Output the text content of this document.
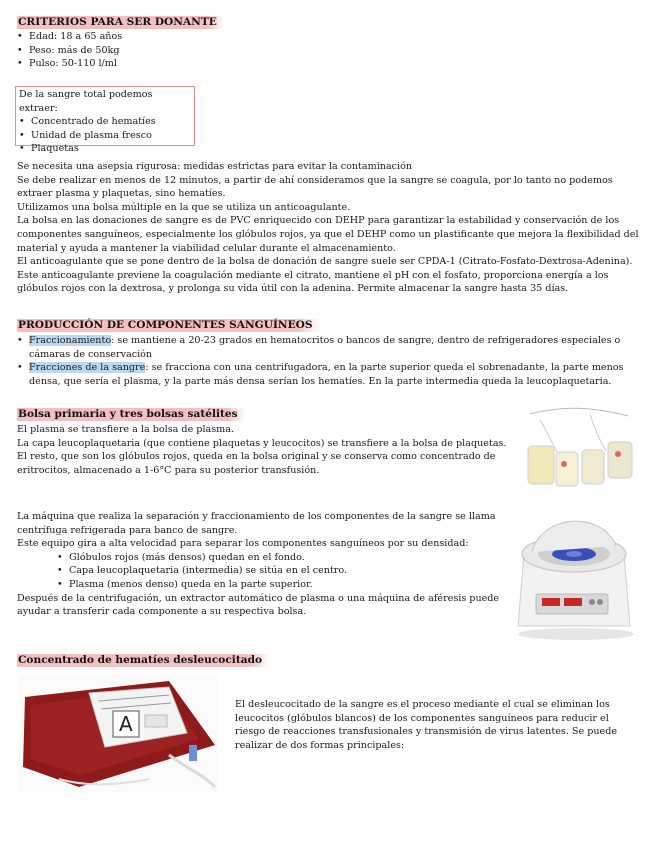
CRITERIOS PARA SER DONANTE
• Edad: 18 a 65 años
• Peso: más de 50kg
• Pulso: 50-110 l/ml
De la sangre total podemos extraer:
• Concentrado de hematíes
• Unidad de plasma fresco
• Plaquetas
Se necesita una asepsia rigurosa: medidas estrictas para evitar la contaminación
Se debe realizar en menos de 12 minutos, a partir de ahí consideramos que la sangre se coagula, por lo tanto no podemos
extraer plasma y plaquetas, sino hematíes.
Utilizamos una bolsa múltiple en la que se utiliza un anticoagulante.
La bolsa en las donaciones de sangre es de PVC enriquecido con DEHP para garantizar la estabilidad y conservación de los
componentes sanguíneos, especialmente los glóbulos rojos, ya que el DEHP como un plastificante que mejora la flexibilidad del
material y ayuda a mantener la viabilidad celular durante el almacenamiento.
El anticoagulante que se pone dentro de la bolsa de donación de sangre suele ser CPDA-1 (Citrato-Fosfato-Dextrosa-Adenina).
Este anticoagulante previene la coagulación mediante el citrato, mantiene el pH con el fosfato, proporciona energía a los
glóbulos rojos con la dextrosa, y prolonga su vida útil con la adenina. Permite almacenar la sangre hasta 35 días.
PRODUCCIÓN DE COMPONENTES SANGUÍNEOS
• Fraccionamiento: se mantiene a 20-23 grados en hematocritos o bancos de sangre, dentro de refrigeradores especiales o
cámaras de conservación
• Fracciones de la sangre: se fracciona con una centrifugadora, en la parte superior queda el sobrenadante, la parte menos
densa, que sería el plasma, y la parte más densa serían los hematíes. En la parte intermedia queda la leucoplaquetaria.
Bolsa primaria y tres bolsas satélites
El plasma se transfiere a la bolsa de plasma.
La capa leucoplaquetaria (que contiene plaquetas y leucocitos) se transfiere a la bolsa de plaquetas.
El resto, que son los glóbulos rojos, queda en la bolsa original y se conserva como concentrado de
eritrocitos, almacenado a 1-6°C para su posterior transfusión.
La máquina que realiza la separación y fraccionamiento de los componentes de la sangre se llama
centrífuga refrigerada para banco de sangre.
Este equipo gira a alta velocidad para separar los componentes sanguíneos por su densidad:
• Glóbulos rojos (más densos) quedan en el fondo.
• Capa leucoplaquetaria (intermedia) se sitúa en el centro.
• Plasma (menos denso) queda en la parte superior.
Después de la centrifugación, un extractor automático de plasma o una máquina de aféresis puede
ayudar a transferir cada componente a su respectiva bolsa.
Concentrado de hematíes desleucocitado
A
El desleucocitado de la sangre es el proceso mediante el cual se eliminan los
leucocitos (glóbulos blancos) de los componentes sanguíneos para reducir el
riesgo de reacciones transfusionales y transmisión de virus latentes. Se puede
realizar de dos formas principales:
